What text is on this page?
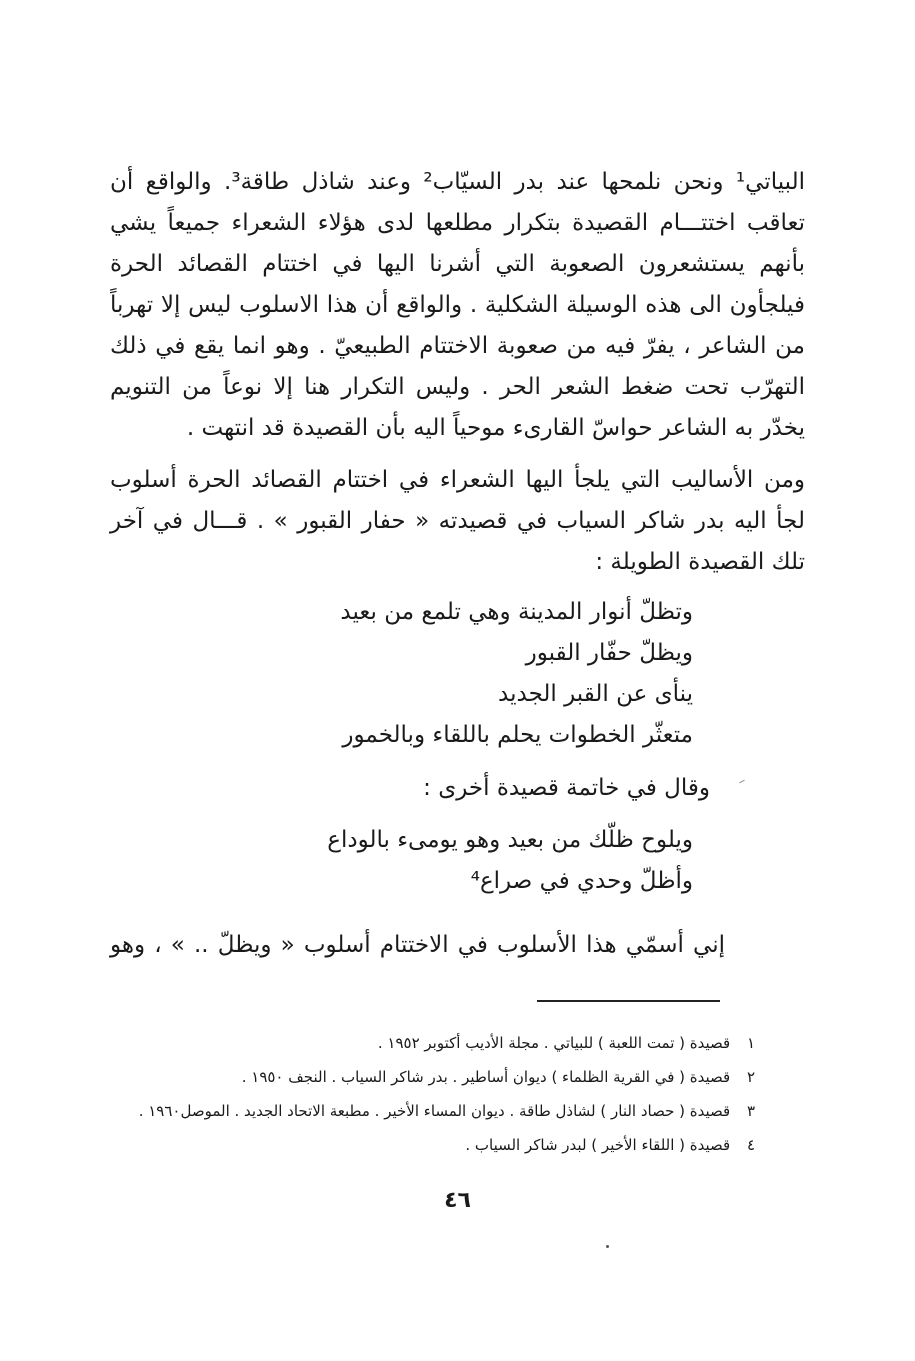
البياتي¹ ونحن نلمحها عند بدر السيّاب² وعند شاذل طاقة³. والواقع أن تعاقب اختتـــام القصيدة بتكرار مطلعها لدى هؤلاء الشعراء جميعاً يشي بأنهم يستشعرون الصعوبة التي أشرنا اليها في اختتام القصائد الحرة فيلجأون الى هذه الوسيلة الشكلية . والواقع أن هذا الاسلوب ليس إلا تهرباً من الشاعر ، يفرّ فيه من صعوبة الاختتام الطبيعيّ . وهو انما يقع في ذلك التهرّب تحت ضغط الشعر الحر . وليس التكرار هنا إلا نوعاً من التنويم يخدّر به الشاعر حواسّ القارىء موحياً اليه بأن القصيدة قد انتهت .

ومن الأساليب التي يلجأ اليها الشعراء في اختتام القصائد الحرة أسلوب لجأ اليه بدر شاكر السياب في قصيدته « حفار القبور » . قـــال في آخر تلك القصيدة الطويلة :

وتظلّ أنوار المدينة وهي تلمع من بعيد
ويظلّ حفّار القبور
ينأى عن القبر الجديد
متعثّر الخطوات يحلم باللقاء وبالخمور

وقال في خاتمة قصيدة أخرى :

ويلوح ظلّك من بعيد وهو يومىء بالوداع
وأظلّ وحدي في صراع⁴

إني أسمّي هذا الأسلوب في الاختتام أسلوب « ويظلّ .. » ، وهو

١ قصيدة ( تمت اللعبة ) للبياتي . مجلة الأديب أكتوبر ١٩٥٢ .
٢ قصيدة ( في القرية الظلماء ) ديوان أساطير . بدر شاكر السياب . النجف ١٩٥٠ .
٣ قصيدة ( حصاد النار ) لشاذل طاقة . ديوان المساء الأخير . مطبعة الاتحاد الجديد . الموصل١٩٦٠ .
٤ قصيدة ( اللقاء الأخير ) لبدر شاكر السياب .
٤٦
